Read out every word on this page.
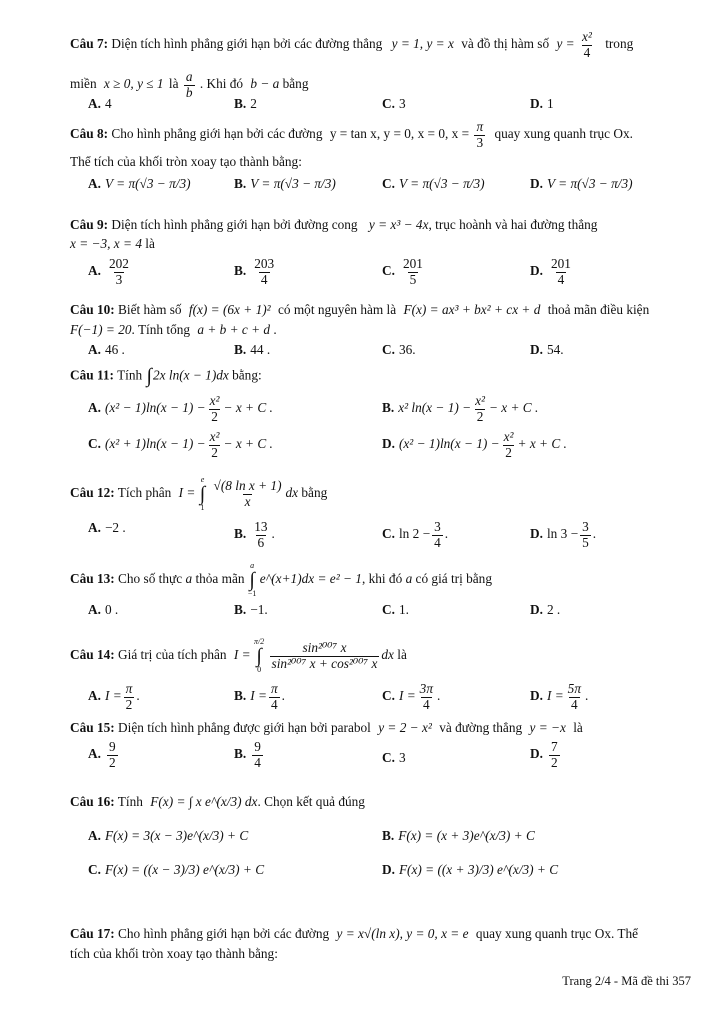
Câu 7: Diện tích hình phẳng giới hạn bởi các đường thẳng y = 1, y = x và đồ thị hàm số $y = \frac{\text{x²}}{4}$ trong
miền x ≥ 0, y ≤ 1 là $\frac{a}{b}$ . Khi đó b − a bằng
A. 4	B. 2	C. 3	D. 1
Câu 8: Cho hình phẳng giới hạn bởi các đường y = tan x, y = 0, x = 0, $x = \frac{\pi}{3}$ quay xung quanh trục Ox.
Thể tích của khối tròn xoay tạo thành bằng:
A. V = π(√3 − π/3)	B. V = π(√3 − π/3)	C. V = π(√3 − π/3)	D. V = π(√3 − π/3)
Câu 9: Diện tích hình phẳng giới hạn bởi đường cong y = x³ − 4x, trục hoành và hai đường thẳng
x = −3, x = 4 là
A. $\frac{202}{3}$	B. $\frac{203}{4}$	C. $\frac{201}{5}$	D. $\frac{201}{4}$
Câu 10: Biết hàm số f(x) = (6x + 1)² có một nguyên hàm là F(x) = ax³ + bx² + cx + d thoả mãn điều kiện
F(−1) = 20. Tính tổng a + b + c + d .
A. 46 .	B. 44 .	C. 36.	D. 54.
Câu 11: Tính ∫2x ln(x − 1)dx bằng:
A. $(x^2 - 1)\ln(x - 1) - \frac{\text{x²}}{2} - x + C$ .	B. x² $\ln(x - 1) - \frac{\text{x²}}{2} - x + C$ .
C. $(x^2 + 1)\ln(x - 1) - \frac{\text{x²}}{2} - x + C$ .	D. $(x^2 - 1)\ln(x - 1) - \frac{\text{x²}}{2} + x + C$ .
Câu 12: Tích phân I =
e
∫
1
$\frac{\text{√(8 ln x + 1)}}{x}$ dx bằng
A. −2 .	B. $\frac{13}{6}$ .	C. $\ln 2 - \frac{3}{4}$ .	D. $\ln 3 - \frac{3}{5}$ .
Câu 13: Cho số thực a thỏa mãn
a
∫
−1
e^(x+1)dx = e² − 1, khi đó a có giá trị bằng
A. 0 .	B. −1.	C. 1.	D. 2 .
Câu 14: Giá trị của tích phân I =
π/2
∫
0
$\frac{\text{sin²⁰⁰⁷ x}}{\text{sin²⁰⁰⁷ x + cos²⁰⁰⁷ x}}$ dx là
A. $I = \frac{\pi}{2}$ .	B. $I = \frac{\pi}{4}$ .	C. $I = \frac{3\pi}{4}$ .	D. $I = \frac{5\pi}{4}$ .
Câu 15: Diện tích hình phẳng được giới hạn bởi parabol y = 2 − x² và đường thẳng y = −x là
A. $\frac{9}{2}$	B. $\frac{9}{4}$	C. 3	D. $\frac{7}{2}$
Câu 16: Tính F(x) = ∫ x e^(x/3) dx. Chọn kết quả đúng
A. F(x) = 3(x − 3)e^(x/3) + C	B. F(x) = (x + 3)e^(x/3) + C
C. F(x) = ((x − 3)/3) e^(x/3) + C	D. F(x) = ((x + 3)/3) e^(x/3) + C
Câu 17: Cho hình phẳng giới hạn bởi các đường y = x√(ln x), y = 0, x = e quay xung quanh trục Ox. Thể
tích của khối tròn xoay tạo thành bằng:
Trang 2/4 - Mã đề thi 357
